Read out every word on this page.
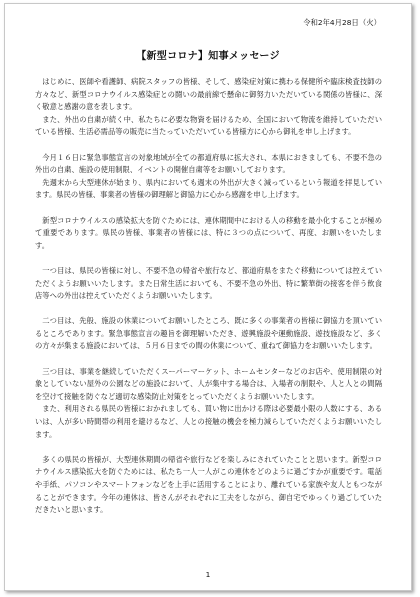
令和2年4月28日（火）
【新型コロナ】知事メッセージ

はじめに、医師や看護師、病院スタッフの皆様、そして、感染症対策に携わる保健所や臨床検査技師の方々など、新型コロナウイルス感染症との闘いの最前線で懸命に御努力いただいている関係の皆様に、深く敬意と感謝の意を表します。

また、外出の自粛が続く中、私たちに必要な物資を届けるため、全国において物流を維持していただいている皆様、生活必需品等の販売に当たっていただいている皆様方に心から御礼を申し上げます。

今月１６日に緊急事態宣言の対象地域が全ての都道府県に拡大され、本県におきましても、不要不急の外出の自粛、施設の使用制限、イベントの開催自粛等をお願いしております。

先週末から大型連休が始まり、県内においても週末の外出が大きく減っているという報道を拝見しています。県民の皆様、事業者の皆様の御理解と御協力に心から感謝を申し上げます。

新型コロナウイルスの感染拡大を防ぐためには、連休期間中における人の移動を最小化することが極めて重要であります。県民の皆様、事業者の皆様には、特に３つの点について、再度、お願いをいたします。

一つ目は、県民の皆様に対し、不要不急の帰省や旅行など、都道府県をまたぐ移動については控えていただくようお願いいたします。また日常生活においても、不要不急の外出、特に繁華街の接客を伴う飲食店等への外出は控えていただくようお願いいたします。

二つ目は、先般、施設の休業についてお願いしたところ、既に多くの事業者の皆様に御協力を頂いているところであります。緊急事態宣言の趣旨を御理解いただき、遊興施設や運動施設、遊技施設など、多くの方々が集まる施設においては、５月６日までの間の休業について、重ねて御協力をお願いいたします。

三つ目は、事業を継続していただくスーパーマーケット、ホームセンターなどのお店や、使用制限の対象としていない屋外の公園などの施設において、人が集中する場合は、入場者の制限や、人と人との間隔を空けて接触を防ぐなど適切な感染防止対策をとっていただくようお願いいたします。

また、利用される県民の皆様におかれましても、買い物に出かける際は必要最小限の人数にする、あるいは、人が多い時間帯の利用を避けるなど、人との接触の機会を極力減らしていただくようお願いいたします。

多くの県民の皆様が、大型連休期間の帰省や旅行などを楽しみにされていたことと思います。新型コロナウイルス感染拡大を防ぐためには、私たち一人一人がこの連休をどのように過ごすかが重要です。電話や手紙、パソコンやスマートフォンなどを上手に活用することにより、離れている家族や友人ともつながることができます。今年の連休は、皆さんがそれぞれに工夫をしながら、御自宅でゆっくり過ごしていただきたいと思います。

1
